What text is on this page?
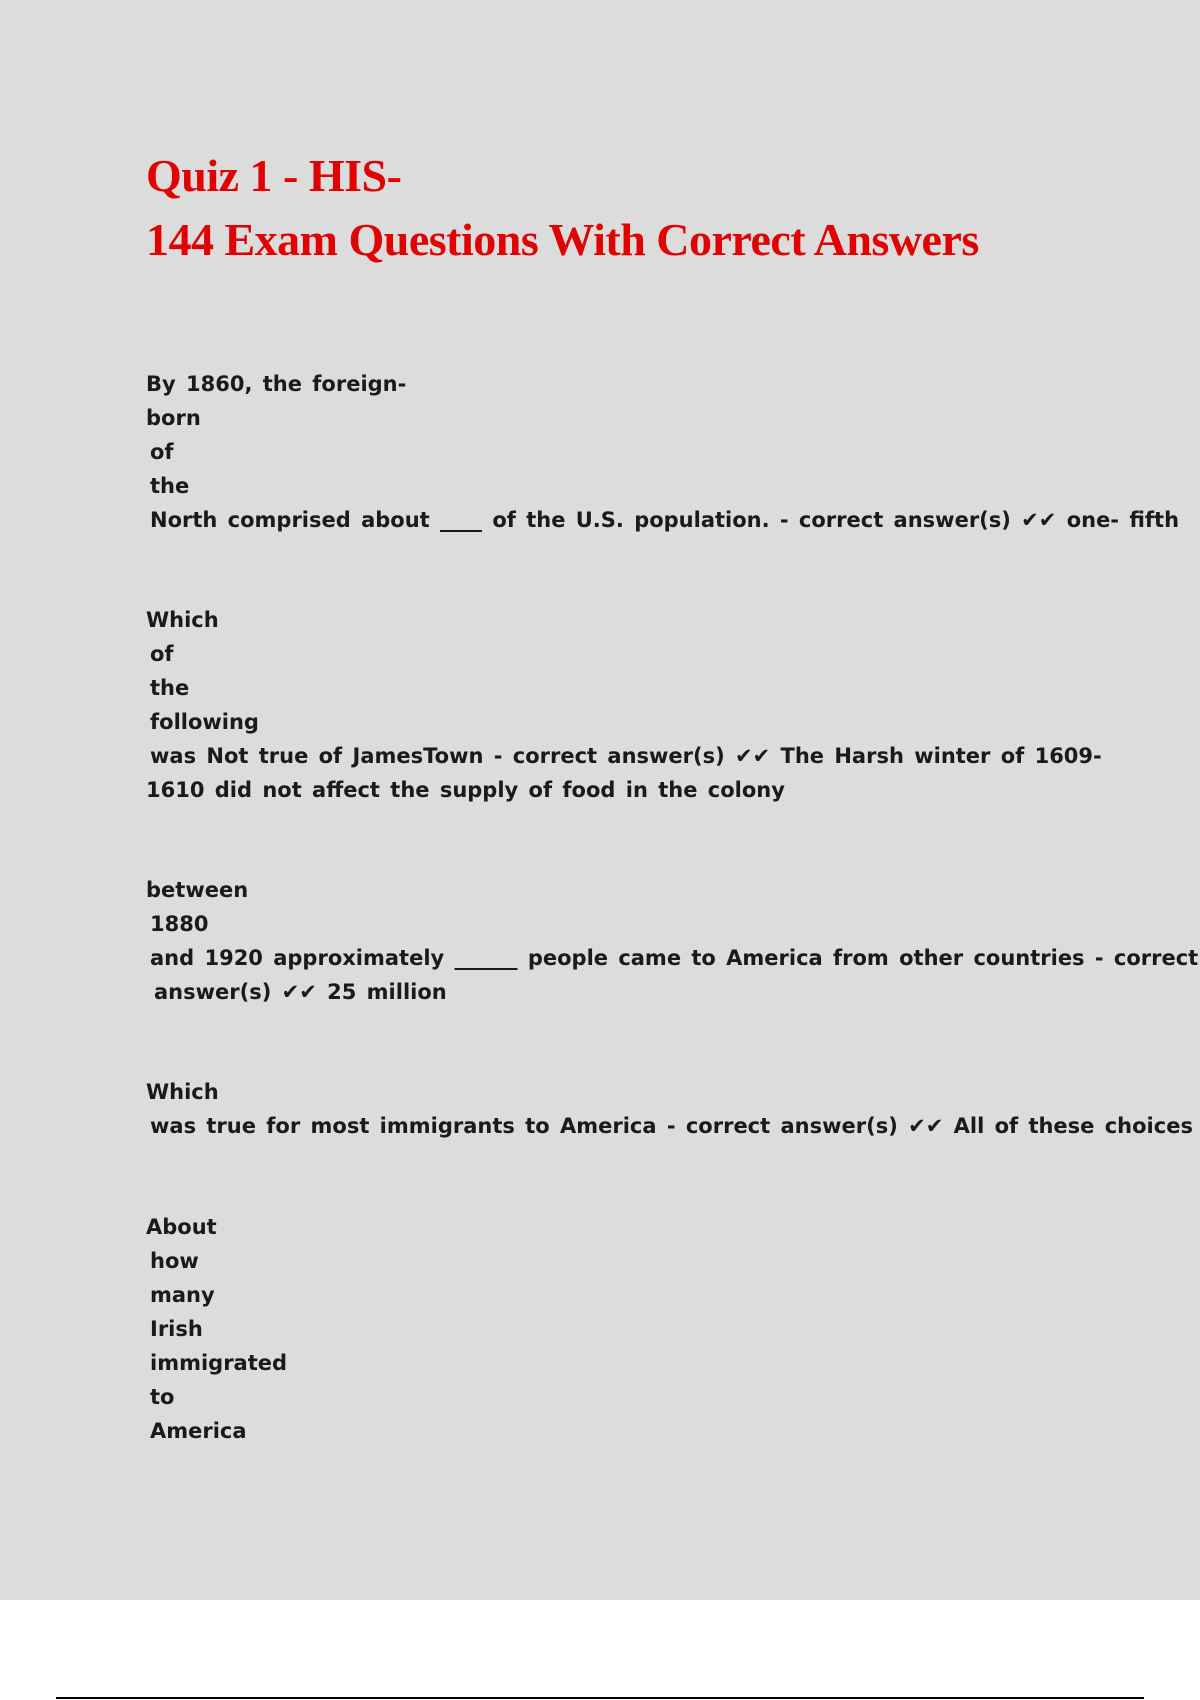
Quiz 1 - HIS-
144 Exam Questions With Correct Answers
By 1860, the foreign-
born
of
the
North comprised about ____ of the U.S. population. - correct answer(s) ✔✔ one- fifth
Which
of
the
following
was Not true of JamesTown - correct answer(s) ✔✔ The Harsh winter of 1609-
1610 did not affect the supply of food in the colony
between
1880
and 1920 approximately ______ people came to America from other countries - correct
answer(s) ✔✔ 25 million
Which
was true for most immigrants to America - correct answer(s) ✔✔ All of these choices
About
how
many
Irish
immigrated
to
America
